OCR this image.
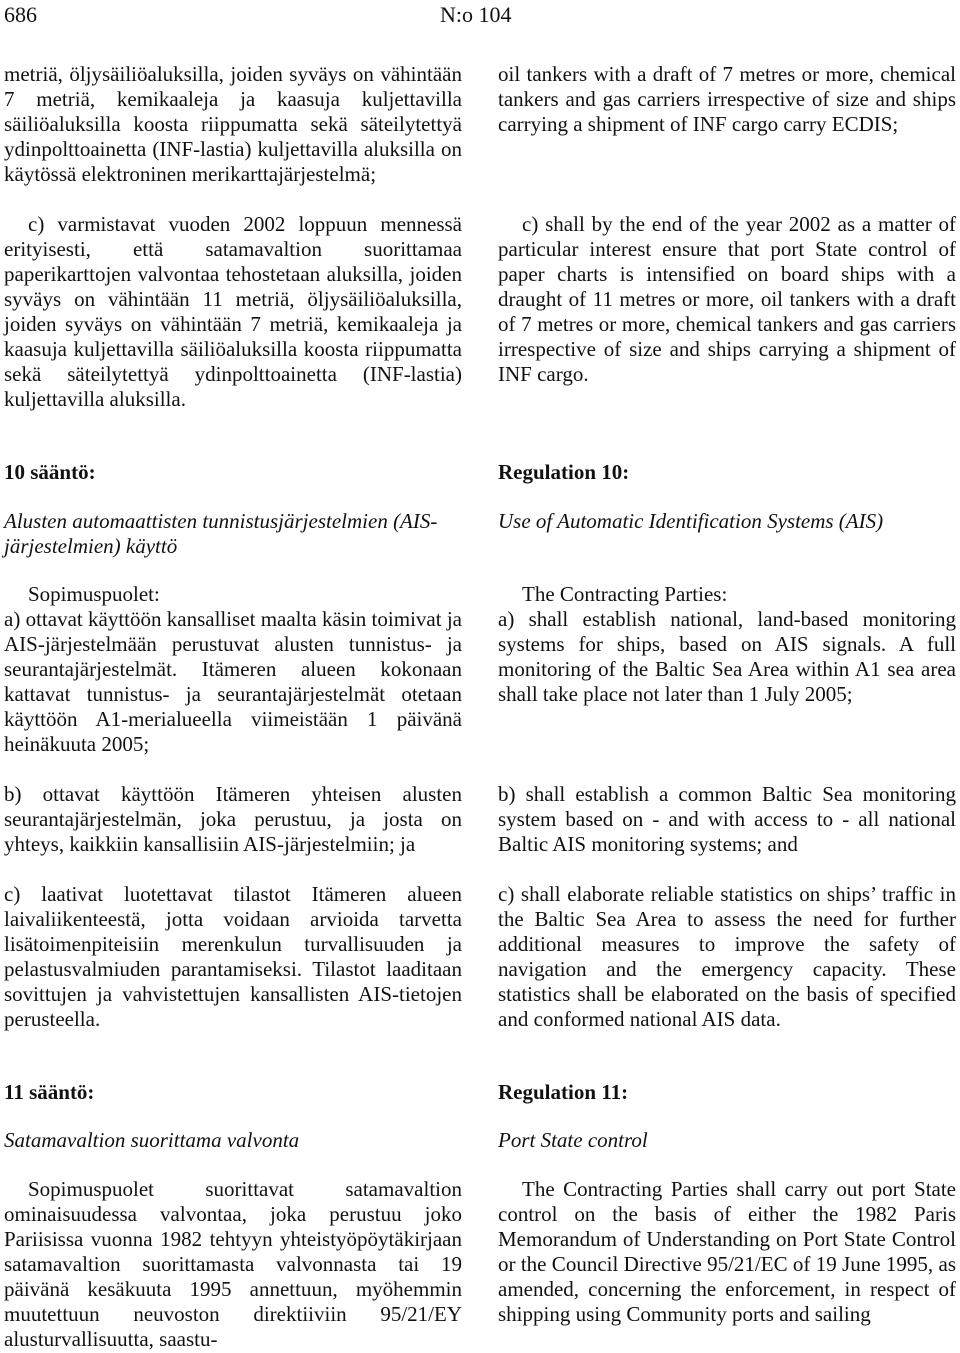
686	N:o 104

metriä, öljysäiliöaluksilla, joiden syväys on vähintään 7 metriä, kemikaaleja ja kaasuja kuljettavilla säiliöaluksilla koosta riippumatta sekä säteilytettyä ydinpolttoainetta (INF-lastia) kuljettavilla aluksilla on käytössä elektroninen merikarttajärjestelmä;

c) varmistavat vuoden 2002 loppuun mennessä erityisesti, että satamavaltion suorittamaa paperikarttojen valvontaa tehostetaan aluksilla, joiden syväys on vähintään 11 metriä, öljysäiliöaluksilla, joiden syväys on vähintään 7 metriä, kemikaaleja ja kaasuja kuljettavilla säiliöaluksilla koosta riippumatta sekä säteilytettyä ydinpolttoainetta (INF-lastia) kuljettavilla aluksilla.

10 sääntö:

Alusten automaattisten tunnistusjärjestelmien (AIS-järjestelmien) käyttö

Sopimuspuolet:

a) ottavat käyttöön kansalliset maalta käsin toimivat ja AIS-järjestelmään perustuvat alusten tunnistus- ja seurantajärjestelmät. Itämeren alueen kokonaan kattavat tunnistus- ja seurantajärjestelmät otetaan käyttöön A1-merialueella viimeistään 1 päivänä heinäkuuta 2005;

b) ottavat käyttöön Itämeren yhteisen alusten seurantajärjestelmän, joka perustuu, ja josta on yhteys, kaikkiin kansallisiin AIS-järjestelmiin; ja

c) laativat luotettavat tilastot Itämeren alueen laivaliikenteestä, jotta voidaan arvioida tarvetta lisätoimenpiteisiin merenkulun turvallisuuden ja pelastusvalmiuden parantamiseksi. Tilastot laaditaan sovittujen ja vahvistettujen kansallisten AIS-tietojen perusteella.

11 sääntö:

Satamavaltion suorittama valvonta

Sopimuspuolet suorittavat satamavaltion ominaisuudessa valvontaa, joka perustuu joko Pariisissa vuonna 1982 tehtyyn yhteistyöpöytäkirjaan satamavaltion suorittamasta valvonnasta tai 19 päivänä kesäkuuta 1995 annettuun, myöhemmin muutettuun neuvoston direktiiviin 95/21/EY alusturvallisuutta, saastu-

oil tankers with a draft of 7 metres or more, chemical tankers and gas carriers irrespective of size and ships carrying a shipment of INF cargo carry ECDIS;

c) shall by the end of the year 2002 as a matter of particular interest ensure that port State control of paper charts is intensified on board ships with a draught of 11 metres or more, oil tankers with a draft of 7 metres or more, chemical tankers and gas carriers irrespective of size and ships carrying a shipment of INF cargo.

Regulation 10:

Use of Automatic Identification Systems (AIS)

The Contracting Parties:

a) shall establish national, land-based monitoring systems for ships, based on AIS signals. A full monitoring of the Baltic Sea Area within A1 sea area shall take place not later than 1 July 2005;

b) shall establish a common Baltic Sea monitoring system based on - and with access to - all national Baltic AIS monitoring systems; and

c) shall elaborate reliable statistics on ships’ traffic in the Baltic Sea Area to assess the need for further additional measures to improve the safety of navigation and the emergency capacity. These statistics shall be elaborated on the basis of specified and conformed national AIS data.

Regulation 11:

Port State control

The Contracting Parties shall carry out port State control on the basis of either the 1982 Paris Memorandum of Understanding on Port State Control or the Council Directive 95/21/EC of 19 June 1995, as amended, concerning the enforcement, in respect of shipping using Community ports and sailing
